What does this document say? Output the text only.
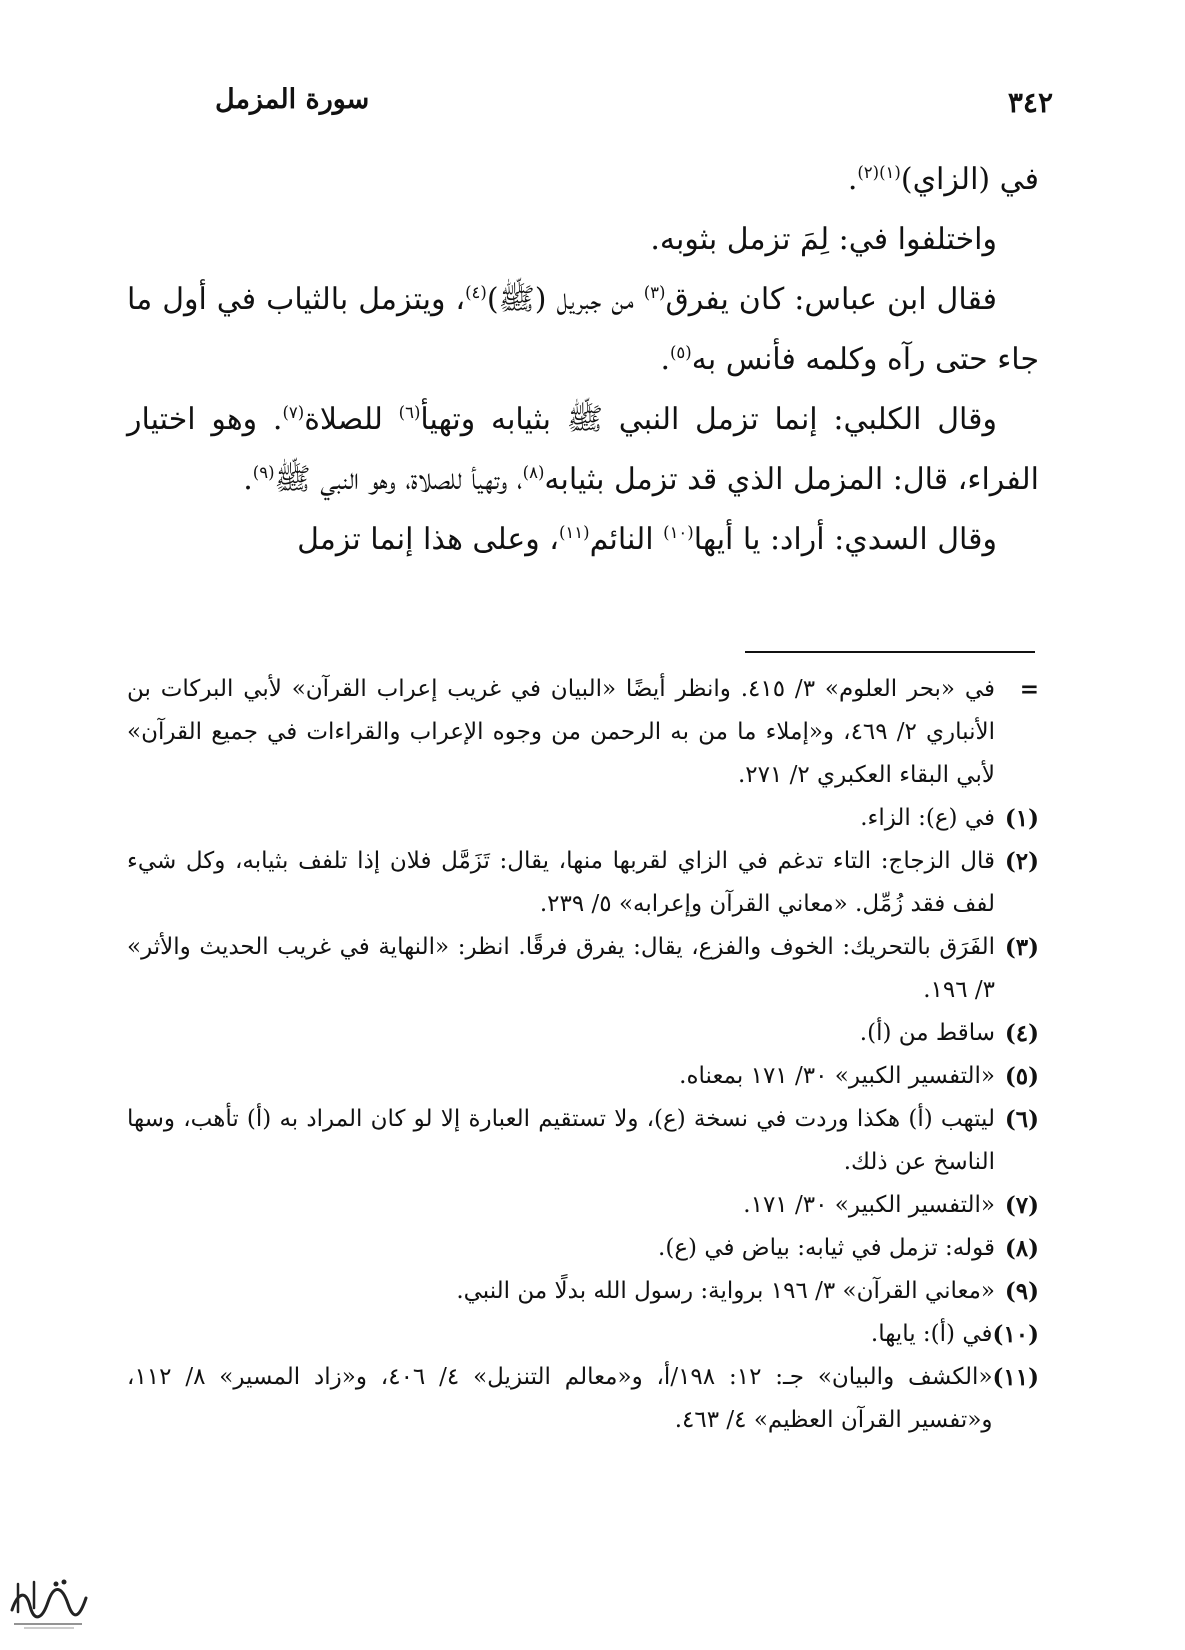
٣٤٢
سورة المزمل

في (الزاي)$^{(١)(٢)}$.

واختلفوا في: لِمَ تزمل بثوبه.

فقال ابن عباس: كان يفرق$^{(٣)}$ من جبريل (ﷺ)$^{(٤)}$، ويتزمل بالثياب في أول ما جاء حتى رآه وكلمه فأنس به$^{(٥)}$.

وقال الكلبي: إنما تزمل النبي ﷺ بثيابه وتهيأ$^{(٦)}$ للصلاة$^{(٧)}$. وهو اختيار الفراء، قال: المزمل الذي قد تزمل بثيابه$^{(٨)}$، وتهيأ للصلاة، وهو النبي ﷺ$^{(٩)}$.

وقال السدي: أراد: يا أيها$^{(١٠)}$ النائم$^{(١١)}$، وعلى هذا إنما تزمل

=
في «بحر العلوم» ٣/ ٤١٥. وانظر أيضًا «البيان في غريب إعراب القرآن» لأبي البركات بن الأنباري ٢/ ٤٦٩، و«إملاء ما من به الرحمن من وجوه الإعراب والقراءات في جميع القرآن» لأبي البقاء العكبري ٢/ ٢٧١.
(١)
في (ع): الزاء.
(٢)
قال الزجاج: التاء تدغم في الزاي لقربها منها، يقال: تَزَمَّل فلان إذا تلفف بثيابه، وكل شيء لفف فقد زُمِّل. «معاني القرآن وإعرابه» ٥/ ٢٣٩.
(٣)
الفَرَق بالتحريك: الخوف والفزع، يقال: يفرق فرقًا. انظر: «النهاية في غريب الحديث والأثر» ٣/ ١٩٦.
(٤)
ساقط من (أ).
(٥)
«التفسير الكبير» ٣٠/ ١٧١ بمعناه.
(٦)
ليتهب (أ) هكذا وردت في نسخة (ع)، ولا تستقيم العبارة إلا لو كان المراد به (أ) تأهب، وسها الناسخ عن ذلك.
(٧)
«التفسير الكبير» ٣٠/ ١٧١.
(٨)
قوله: تزمل في ثيابه: بياض في (ع).
(٩)
«معاني القرآن» ٣/ ١٩٦ برواية: رسول الله بدلًا من النبي.
(١٠)
في (أ): يايها.
(١١)
«الكشف والبيان» جـ: ١٢: ١٩٨/أ، و«معالم التنزيل» ٤/ ٤٠٦، و«زاد المسير» ٨/ ١١٢، و«تفسير القرآن العظيم» ٤/ ٤٦٣.
